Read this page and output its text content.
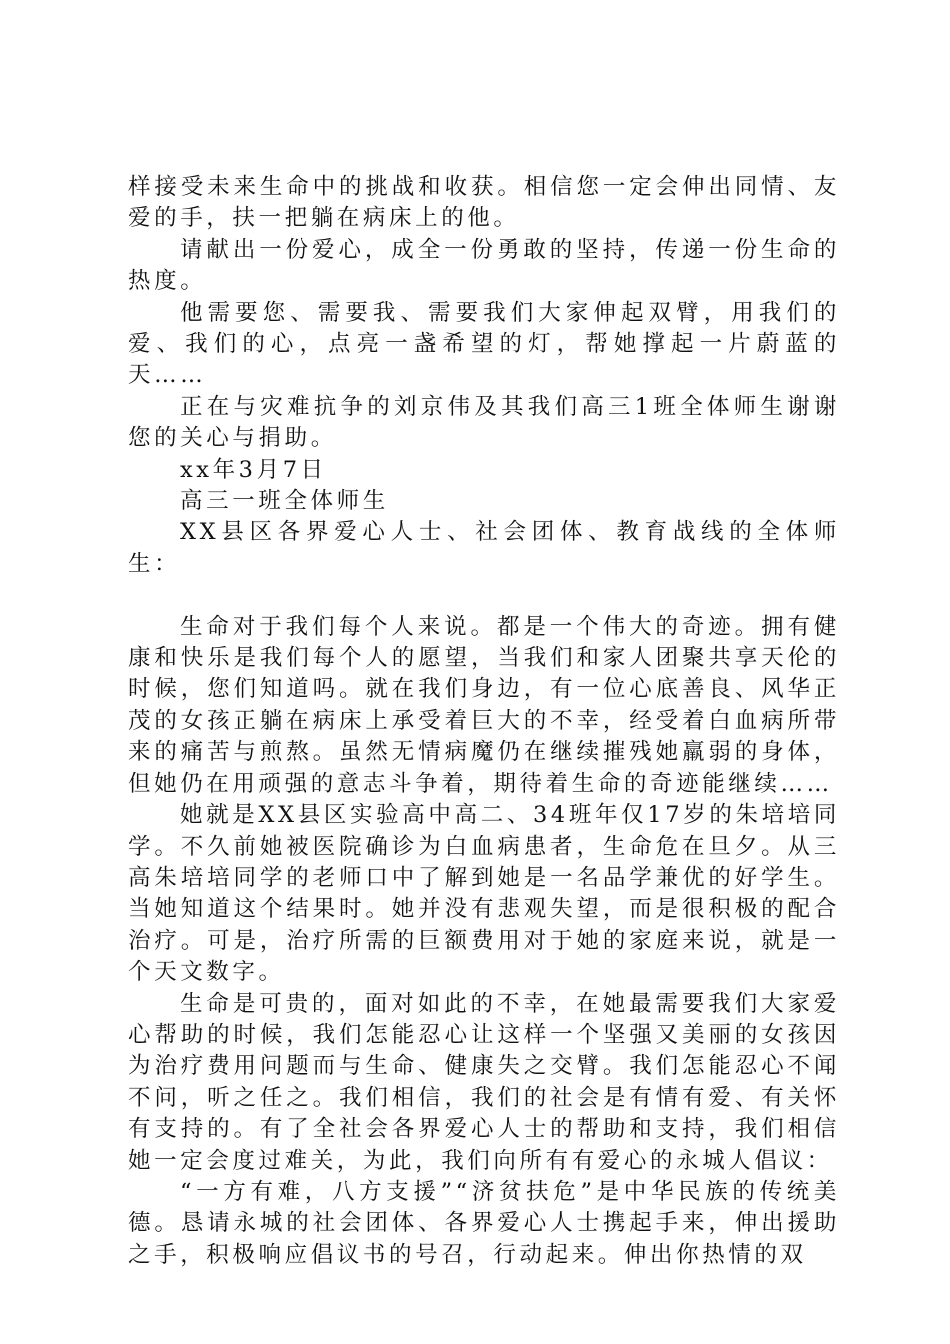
样接受未来生命中的挑战和收获。相信您一定会伸出同情、友爱的手，扶一把躺在病床上的他。

请献出一份爱心，成全一份勇敢的坚持，传递一份生命的热度。

他需要您、需要我、需要我们大家伸起双臂，用我们的爱、我们的心，点亮一盏希望的灯，帮她撑起一片蔚蓝的天……

正在与灾难抗争的刘京伟及其我们高三1班全体师生谢谢您的关心与捐助。

xx年3月7日

高三一班全体师生

XX县区各界爱心人士、社会团体、教育战线的全体师生：

生命对于我们每个人来说。都是一个伟大的奇迹。拥有健康和快乐是我们每个人的愿望，当我们和家人团聚共享天伦的时候，您们知道吗。就在我们身边，有一位心底善良、风华正茂的女孩正躺在病床上承受着巨大的不幸，经受着白血病所带来的痛苦与煎熬。虽然无情病魔仍在继续摧残她羸弱的身体，但她仍在用顽强的意志斗争着，期待着生命的奇迹能继续……

她就是XX县区实验高中高二、34班年仅17岁的朱培培同学。不久前她被医院确诊为白血病患者，生命危在旦夕。从三高朱培培同学的老师口中了解到她是一名品学兼优的好学生。当她知道这个结果时。她并没有悲观失望，而是很积极的配合治疗。可是，治疗所需的巨额费用对于她的家庭来说，就是一个天文数字。

生命是可贵的，面对如此的不幸，在她最需要我们大家爱心帮助的时候，我们怎能忍心让这样一个坚强又美丽的女孩因为治疗费用问题而与生命、健康失之交臂。我们怎能忍心不闻不问，听之任之。我们相信，我们的社会是有情有爱、有关怀有支持的。有了全社会各界爱心人士的帮助和支持，我们相信她一定会度过难关，为此，我们向所有有爱心的永城人倡议：

“一方有难，八方支援”“济贫扶危”是中华民族的传统美德。恳请永城的社会团体、各界爱心人士携起手来，伸出援助之手，积极响应倡议书的号召，行动起来。伸出你热情的双
